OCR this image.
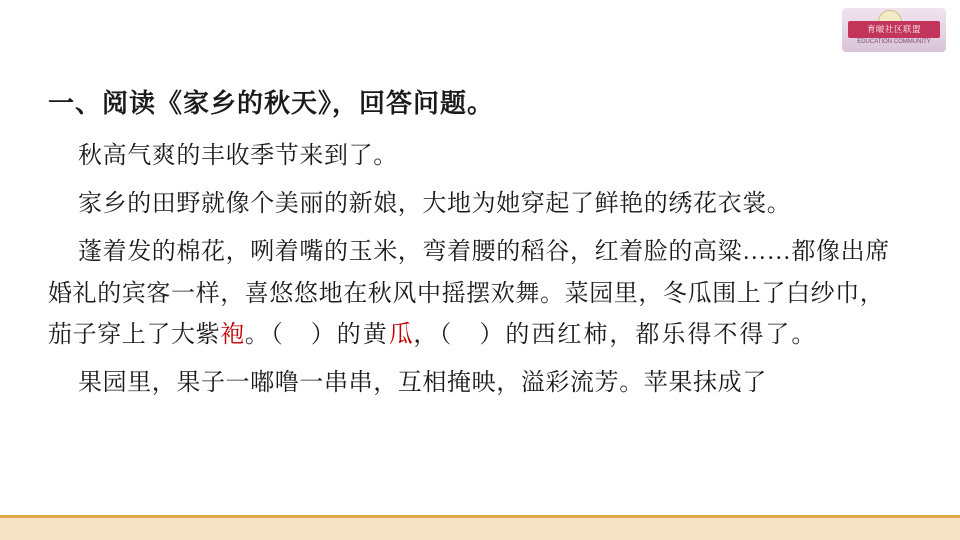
育啵社区联盟
EDUCATION COMMUNITY
一、阅读《家乡的秋天》，回答问题。

秋高气爽的丰收季节来到了。

家乡的田野就像个美丽的新娘，大地为她穿起了鲜艳的绣花衣裳。

蓬着发的棉花，咧着嘴的玉米，弯着腰的稻谷，红着脸的高粱……都像出席婚礼的宾客一样，喜悠悠地在秋风中摇摆欢舞。菜园里，冬瓜围上了白纱巾，茄子穿上了大紫袍。（　）的黄瓜，（　）的西红柿，都乐得不得了。

果园里，果子一嘟噜一串串，互相掩映，溢彩流芳。苹果抹成了
